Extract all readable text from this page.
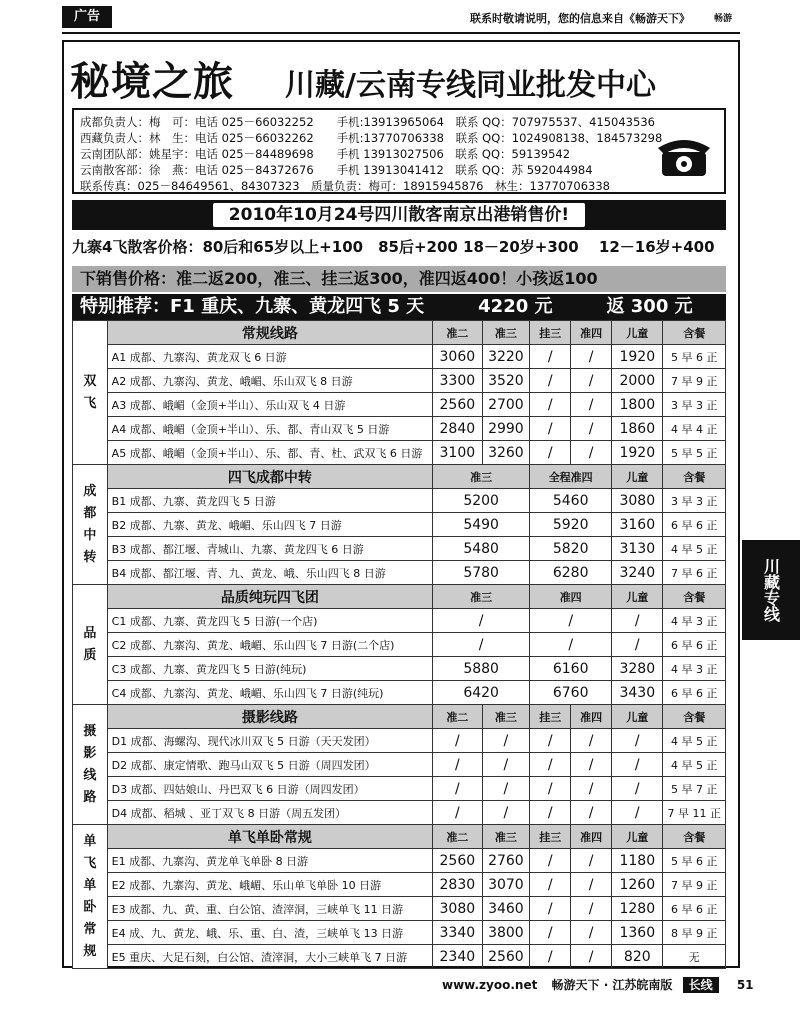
广告	联系时敬请说明，您的信息来自《畅游天下》	畅游
秘境之旅 川藏/云南专线同业批发中心
成都负责人：梅　可：电话 025－66032252　　手机:13913965064　联系 QQ：707975537、415043536
西藏负责人：林　生：电话 025－66032262　　手机:13770706338　联系 QQ：1024908138、184573298
云南团队部：姚星宇：电话 025－84489698　　手机 13913027506　联系 QQ：59139542
云南散客部：徐　燕：电话 025－84372676　　手机 13913041412　联系 QQ：苏 592044984
联系传真：025－84649561、84307323　质量负责：梅可：18915945876　林生：13770706338
2010年10月24号四川散客南京出港销售价!
九寨4飞散客价格：80后和65岁以上+100　85后+200 18－20岁+300　 12－16岁+400
下销售价格：准二返200，准三、挂三返300，准四返400！小孩返100
特别推荐：F1 重庆、九寨、黄龙四飞 5 天　　　4220 元　　　返 300 元
双飞	常规线路	准二	准三	挂三	准四	儿童	含餐
	A1 成都、九寨沟、黄龙双飞 6 日游	3060	3220	/	/	1920	5 早 6 正
	A2 成都、九寨沟、黄龙、峨嵋、乐山双飞 8 日游	3300	3520	/	/	2000	7 早 9 正
	A3 成都、峨嵋（金顶+半山）、乐山双飞 4 日游	2560	2700	/	/	1800	3 早 3 正
	A4 成都、峨嵋（金顶+半山）、乐、都、青山双飞 5 日游	2840	2990	/	/	1860	4 早 4 正
	A5 成都、峨嵋（金顶+半山）、乐、都、青、杜、武双飞 6 日游	3100	3260	/	/	1920	5 早 5 正
成都中转	四飞成都中转	准三		全程准四		儿童	含餐
	B1 成都、九寨、黄龙四飞 5 日游	5200		5460		3080	3 早 3 正
	B2 成都、九寨、黄龙、峨嵋、乐山四飞 7 日游	5490		5920		3160	6 早 6 正
	B3 成都、都江堰、青城山、九寨、黄龙四飞 6 日游	5480		5820		3130	4 早 5 正
	B4 成都、都江堰、青、九、黄龙、峨、乐山四飞 8 日游	5780		6280		3240	7 早 6 正
品质	品质纯玩四飞团	准三		准四		儿童	含餐
	C1 成都、九寨、黄龙四飞 5 日游(一个店)	/		/		/	4 早 3 正
	C2 成都、九寨沟、黄龙、峨嵋、乐山四飞 7 日游(二个店)	/		/		/	6 早 6 正
	C3 成都、九寨、黄龙四飞 5 日游(纯玩)	5880		6160		3280	4 早 3 正
	C4 成都、九寨沟、黄龙、峨嵋、乐山四飞 7 日游(纯玩)	6420		6760		3430	6 早 6 正
摄影线路	摄影线路	准二	准三	挂三	准四	儿童	含餐
	D1 成都、海螺沟、现代冰川双飞 5 日游（天天发团）	/	/	/	/	/	4 早 5 正
	D2 成都、康定情歌、跑马山双飞 5 日游（周四发团）	/	/	/	/	/	4 早 5 正
	D3 成都、四姑娘山、丹巴双飞 6 日游（周四发团）	/	/	/	/	/	5 早 7 正
	D4 成都、稻城 、亚丁双飞 8 日游（周五发团）	/	/	/	/	/	7 早 11 正
单飞单卧常规	单飞单卧常规	准二	准三	挂三	准四	儿童	含餐
	E1 成都、九寨沟、黄龙单飞单卧 8 日游	2560	2760	/	/	1180	5 早 6 正
	E2 成都、九寨沟、黄龙、峨嵋、乐山单飞单卧 10 日游	2830	3070	/	/	1260	7 早 9 正
	E3 成都、九、黄、重、白公馆、渣滓洞，三峡单飞 11 日游	3080	3460	/	/	1280	6 早 6 正
	E4 成、九、黄龙、峨、乐、重、白、渣，三峡单飞 13 日游	3340	3800	/	/	1360	8 早 9 正
	E5 重庆、大足石刻，白公馆、渣滓洞，大小三峡单飞 7 日游	2340	2560	/	/	820	无
川藏专线
www.zyoo.net 畅游天下 · 江苏皖南版 长线 51
